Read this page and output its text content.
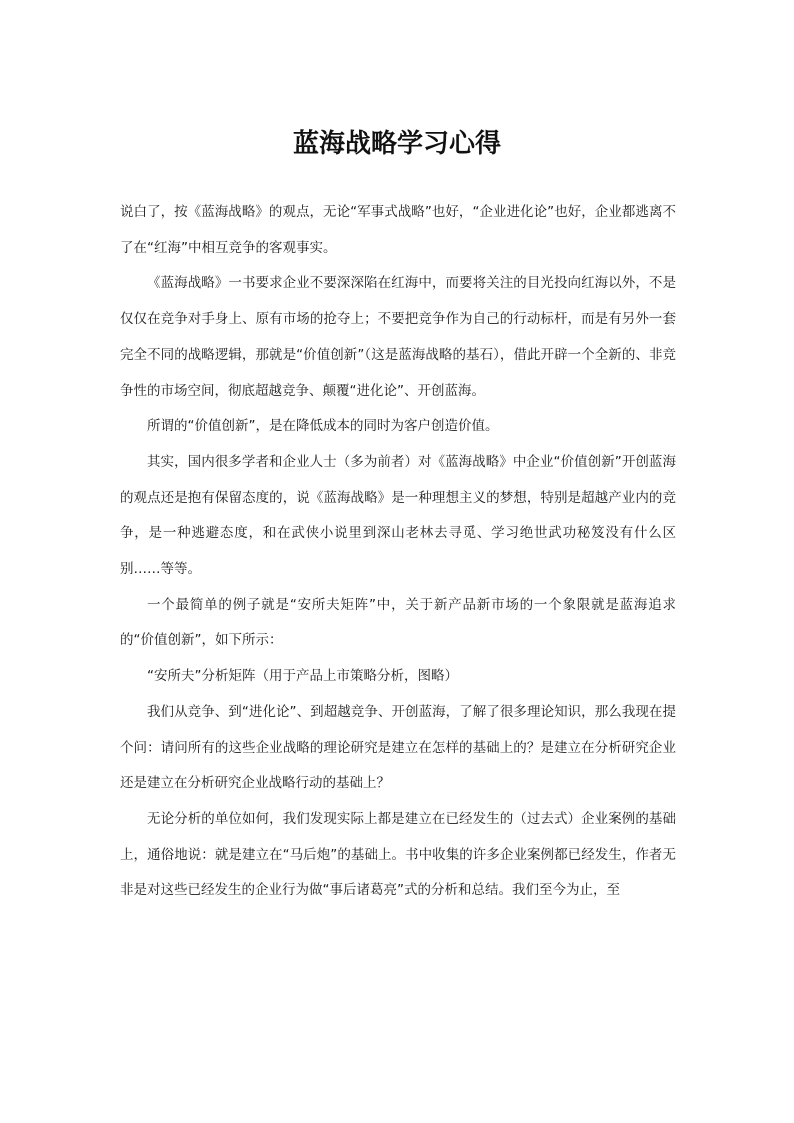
蓝海战略学习心得

说白了，按《蓝海战略》的观点，无论“军事式战略”也好，“企业进化论”也好，企业都逃离不了在“红海”中相互竞争的客观事实。

《蓝海战略》一书要求企业不要深深陷在红海中，而要将关注的目光投向红海以外，不是仅仅在竞争对手身上、原有市场的抢夺上；不要把竞争作为自己的行动标杆，而是有另外一套完全不同的战略逻辑，那就是“价值创新”（这是蓝海战略的基石），借此开辟一个全新的、非竞争性的市场空间，彻底超越竞争、颠覆“进化论”、开创蓝海。

所谓的“价值创新”，是在降低成本的同时为客户创造价值。

其实，国内很多学者和企业人士（多为前者）对《蓝海战略》中企业“价值创新”开创蓝海的观点还是抱有保留态度的，说《蓝海战略》是一种理想主义的梦想，特别是超越产业内的竞争，是一种逃避态度，和在武侠小说里到深山老林去寻觅、学习绝世武功秘笈没有什么区别……等等。

一个最简单的例子就是“安所夫矩阵”中，关于新产品新市场的一个象限就是蓝海追求的“价值创新”，如下所示：

“安所夫”分析矩阵（用于产品上市策略分析，图略）

我们从竞争、到“进化论”、到超越竞争、开创蓝海，了解了很多理论知识，那么我现在提个问：请问所有的这些企业战略的理论研究是建立在怎样的基础上的？是建立在分析研究企业还是建立在分析研究企业战略行动的基础上？

无论分析的单位如何，我们发现实际上都是建立在已经发生的（过去式）企业案例的基础上，通俗地说：就是建立在“马后炮”的基础上。书中收集的许多企业案例都已经发生，作者无非是对这些已经发生的企业行为做“事后诸葛亮”式的分析和总结。我们至今为止，至
